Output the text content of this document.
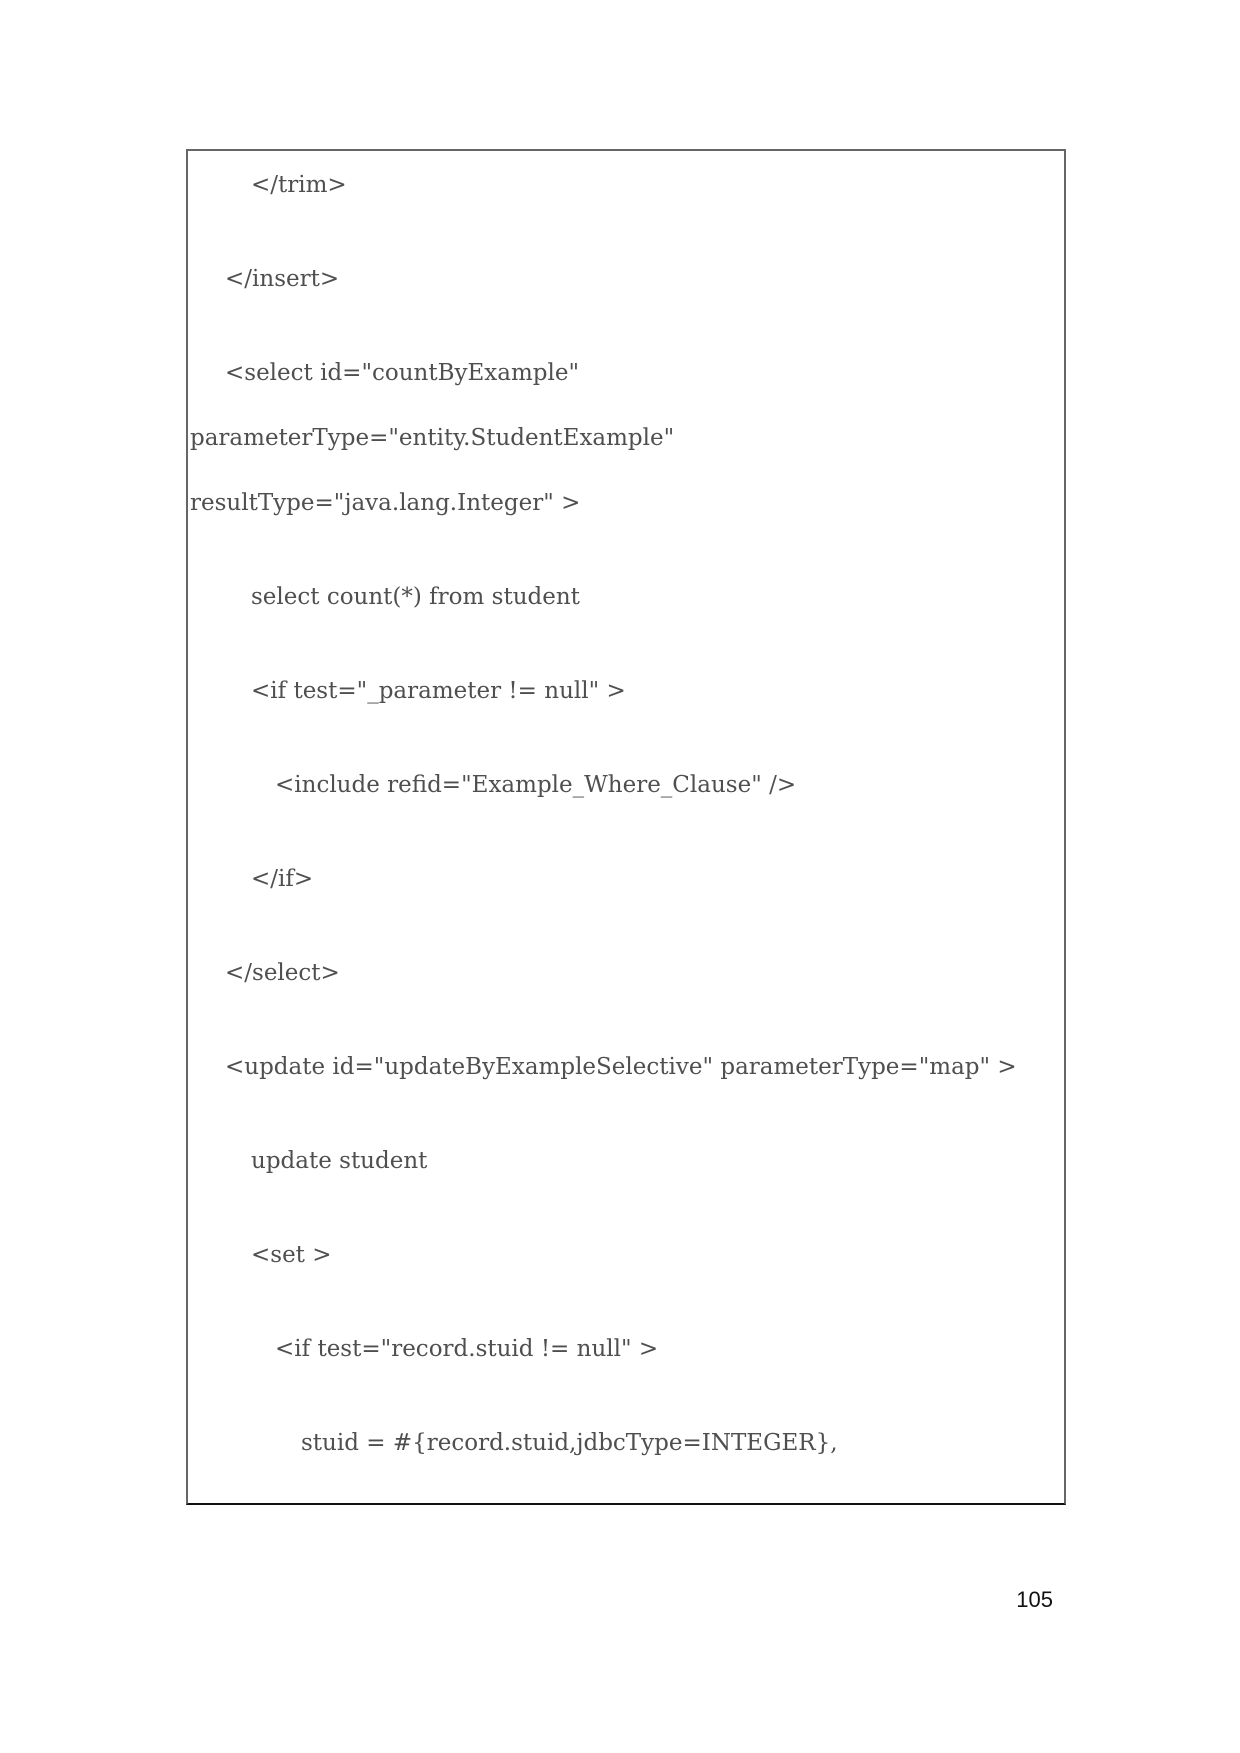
</trim>
</insert>
<select id="countByExample"
parameterType="entity.StudentExample"
resultType="java.lang.Integer" >
select count(*) from student
<if test="_parameter != null" >
<include refid="Example_Where_Clause" />
</if>
</select>
<update id="updateByExampleSelective" parameterType="map" >
update student
<set >
<if test="record.stuid != null" >
stuid = #{record.stuid,jdbcType=INTEGER},
105
